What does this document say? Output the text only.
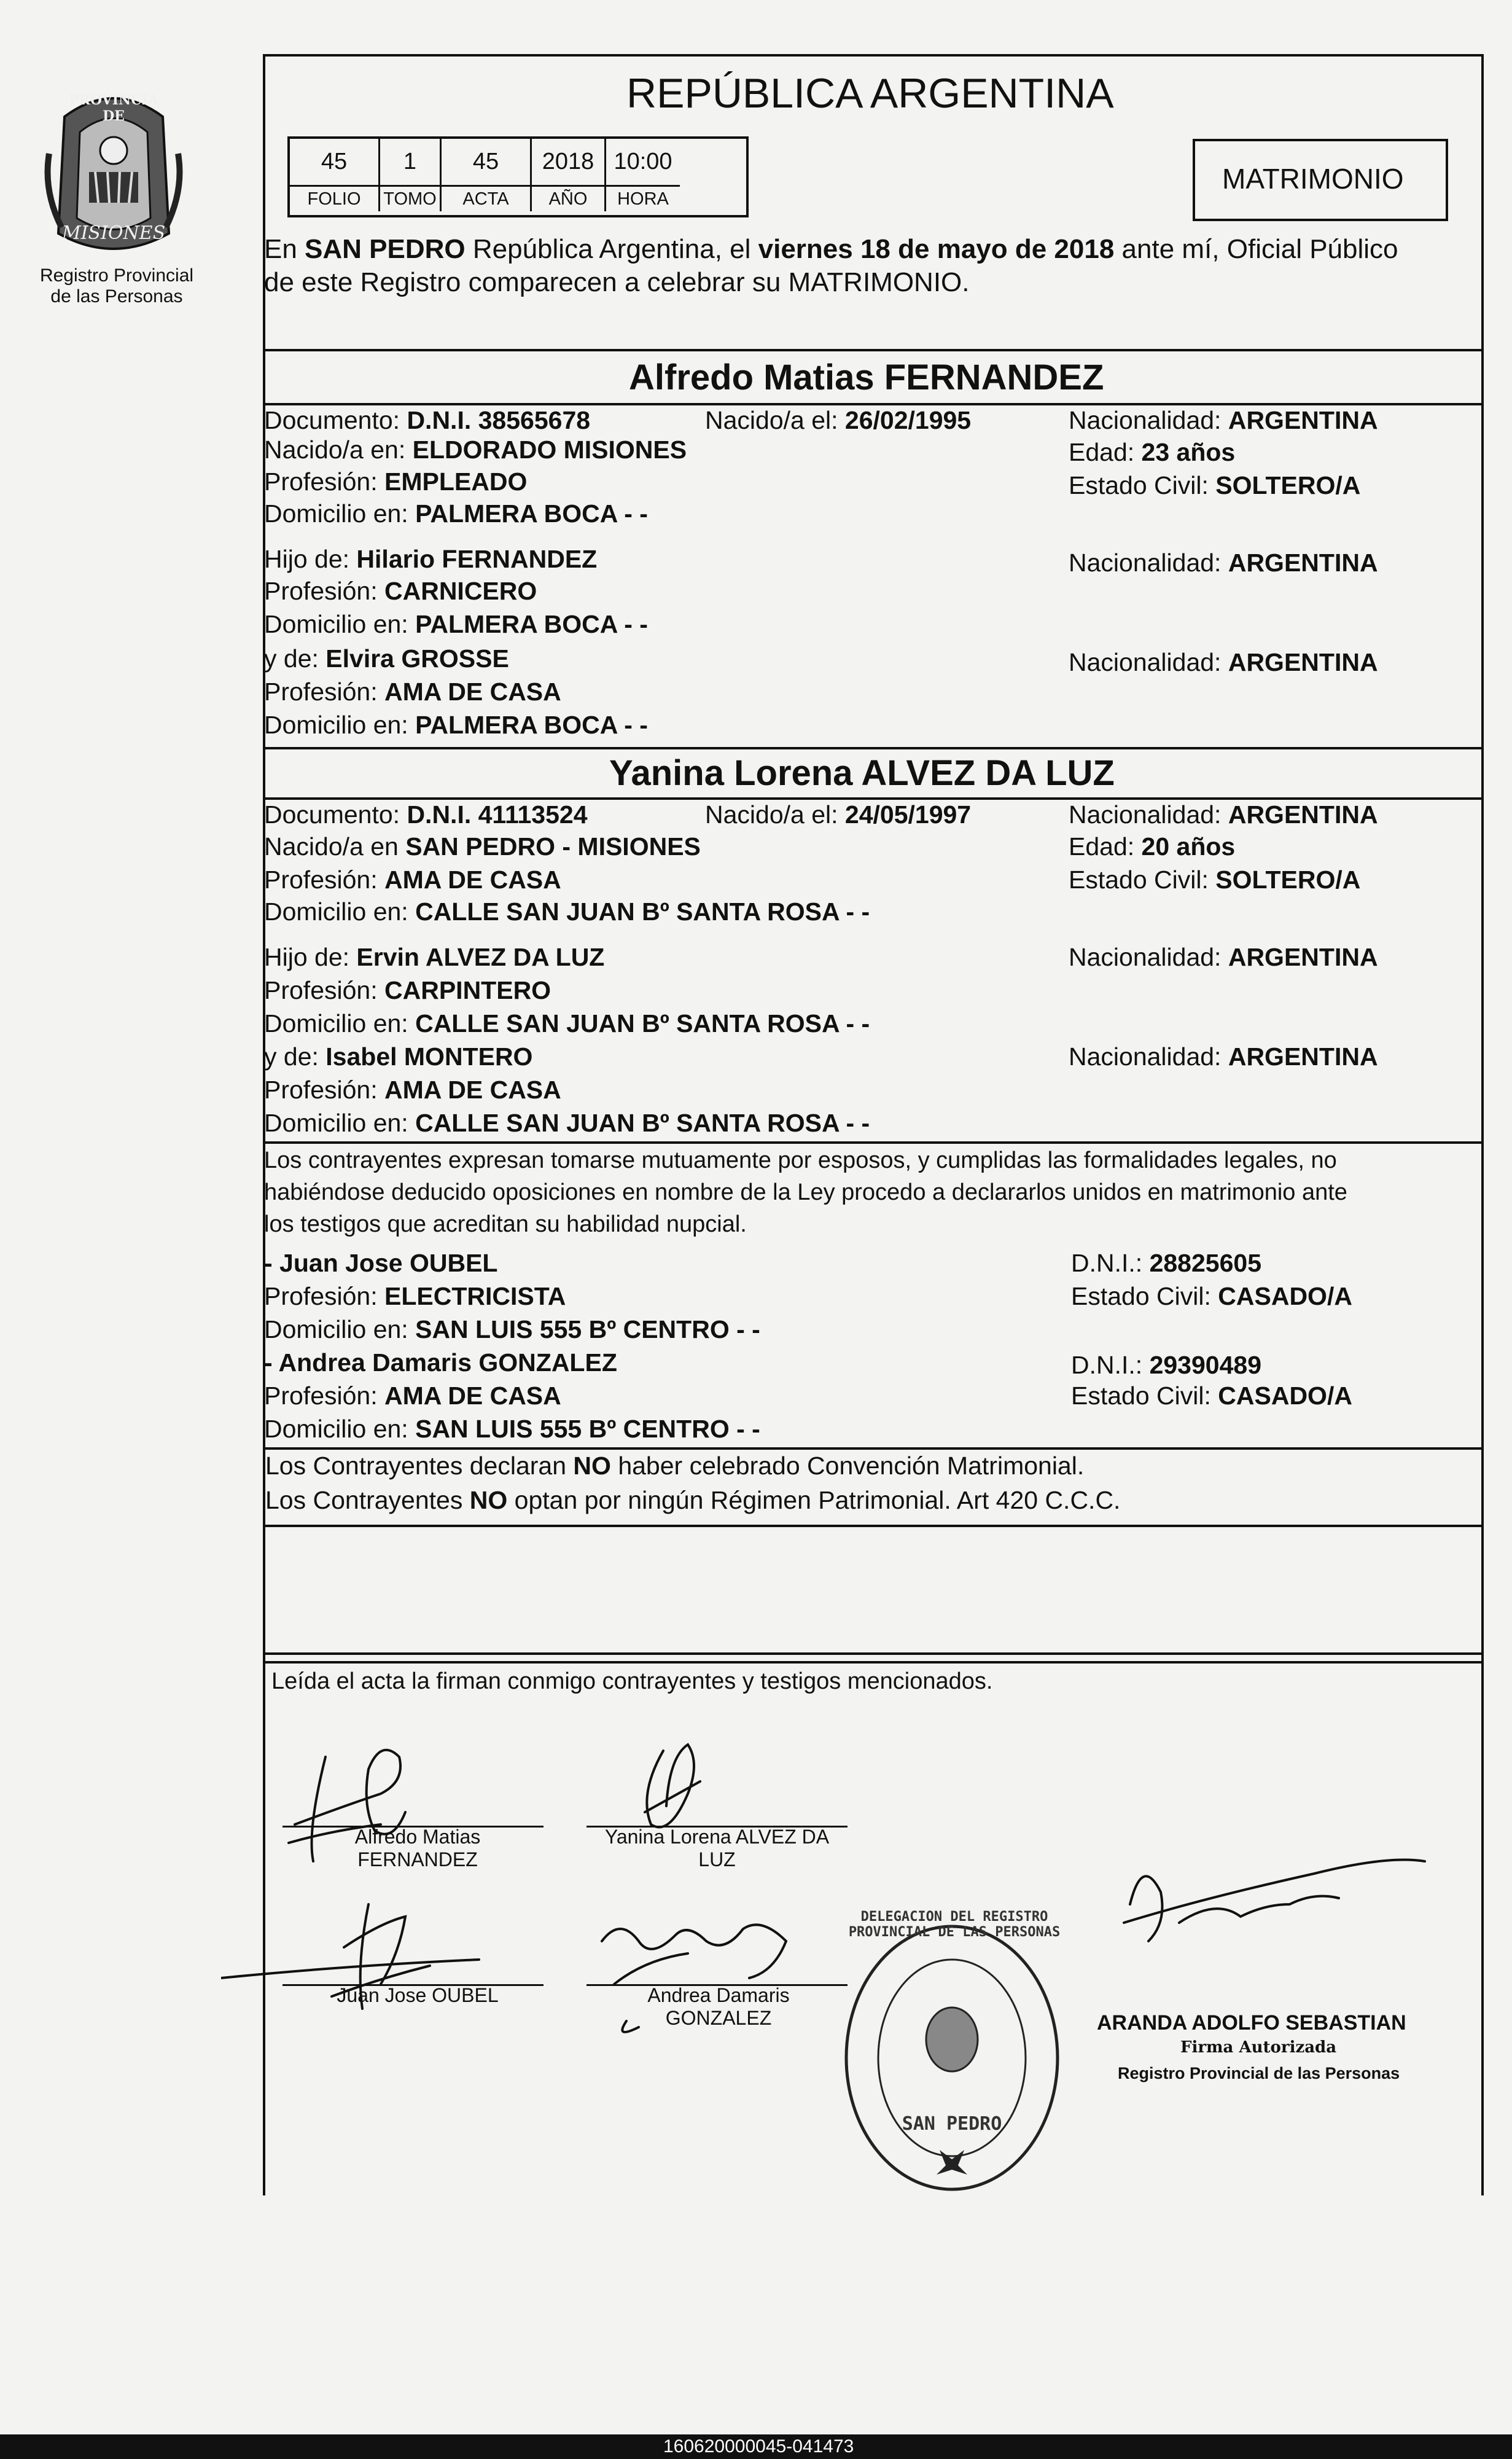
PROVINCIA DE
MISIONES
Registro Provincial
de las Personas
REPÚBLICA ARGENTINA
45	1	45	2018 10:00
FOLIO	TOMO	ACTA	AÑO	HORA
MATRIMONIO
En SAN PEDRO República Argentina, el viernes 18 de mayo de 2018 ante mí, Oficial Público
de este Registro comparecen a celebrar su MATRIMONIO.
Alfredo Matias FERNANDEZ
Documento: D.N.I. 38565678	Nacido/a el: 26/02/1995	Nacionalidad: ARGENTINA
Nacido/a en: ELDORADO MISIONES	Edad: 23 años
Profesión: EMPLEADO	Estado Civil: SOLTERO/A
Domicilio en: PALMERA BOCA - -
Hijo de: Hilario FERNANDEZ	Nacionalidad: ARGENTINA
Profesión: CARNICERO
Domicilio en: PALMERA BOCA - -
y de: Elvira GROSSE	Nacionalidad: ARGENTINA
Profesión: AMA DE CASA
Domicilio en: PALMERA BOCA - -
Yanina Lorena ALVEZ DA LUZ
Documento: D.N.I. 41113524	Nacido/a el: 24/05/1997	Nacionalidad: ARGENTINA
Nacido/a en SAN PEDRO - MISIONES	Edad: 20 años
Profesión: AMA DE CASA	Estado Civil: SOLTERO/A
Domicilio en: CALLE SAN JUAN Bº SANTA ROSA - -
Hijo de: Ervin ALVEZ DA LUZ	Nacionalidad: ARGENTINA
Profesión: CARPINTERO
Domicilio en: CALLE SAN JUAN Bº SANTA ROSA - -
y de: Isabel MONTERO	Nacionalidad: ARGENTINA
Profesión: AMA DE CASA
Domicilio en: CALLE SAN JUAN Bº SANTA ROSA - -
Los contrayentes expresan tomarse mutuamente por esposos, y cumplidas las formalidades legales, no
habiéndose deducido oposiciones en nombre de la Ley procedo a declararlos unidos en matrimonio ante
los testigos que acreditan su habilidad nupcial.
- Juan Jose OUBEL	D.N.I.: 28825605
Profesión: ELECTRICISTA	Estado Civil: CASADO/A
Domicilio en: SAN LUIS 555 Bº CENTRO - -
- Andrea Damaris GONZALEZ	D.N.I.: 29390489
Profesión: AMA DE CASA	Estado Civil: CASADO/A
Domicilio en: SAN LUIS 555 Bº CENTRO - -
Los Contrayentes declaran NO haber celebrado Convención Matrimonial.
Los Contrayentes NO optan por ningún Régimen Patrimonial. Art 420 C.C.C.
Leída el acta la firman conmigo contrayentes y testigos mencionados.
Alfredo Matias
FERNANDEZ
Yanina Lorena ALVEZ DA
LUZ
Juan Jose OUBEL	Andrea Damaris
GONZALEZ
DELEGACION DEL REGISTRO PROVINCIAL DE LAS PERSONAS
SAN PEDRO
ARANDA ADOLFO SEBASTIAN
Firma Autorizada
Registro Provincial de las Personas
160620000045-041473
